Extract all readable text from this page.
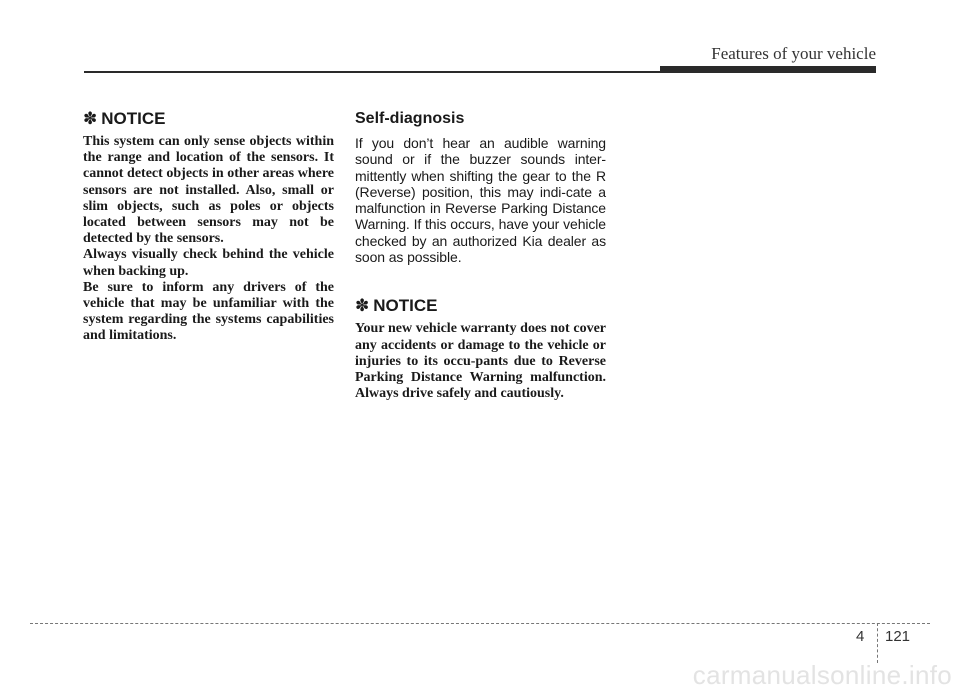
Features of your vehicle
✽ NOTICE

This system can only sense objects within the range and location of the sensors. It cannot detect objects in other areas where sensors are not installed. Also, small or slim objects, such as poles or objects located between sensors may not be detected by the sensors.

Always visually check behind the vehicle when backing up.

Be sure to inform any drivers of the vehicle that may be unfamiliar with the system regarding the systems capabilities and limitations.

Self-diagnosis

If you don’t hear an audible warning sound or if the buzzer sounds inter-mittently when shifting the gear to the R (Reverse) position, this may indi-cate a malfunction in Reverse Parking Distance Warning. If this occurs, have your vehicle checked by an authorized Kia dealer as soon as possible.

✽ NOTICE

Your new vehicle warranty does not cover any accidents or damage to the vehicle or injuries to its occu-pants due to Reverse Parking Distance Warning malfunction. Always drive safely and cautiously.

4 121
carmanualsonline.info
